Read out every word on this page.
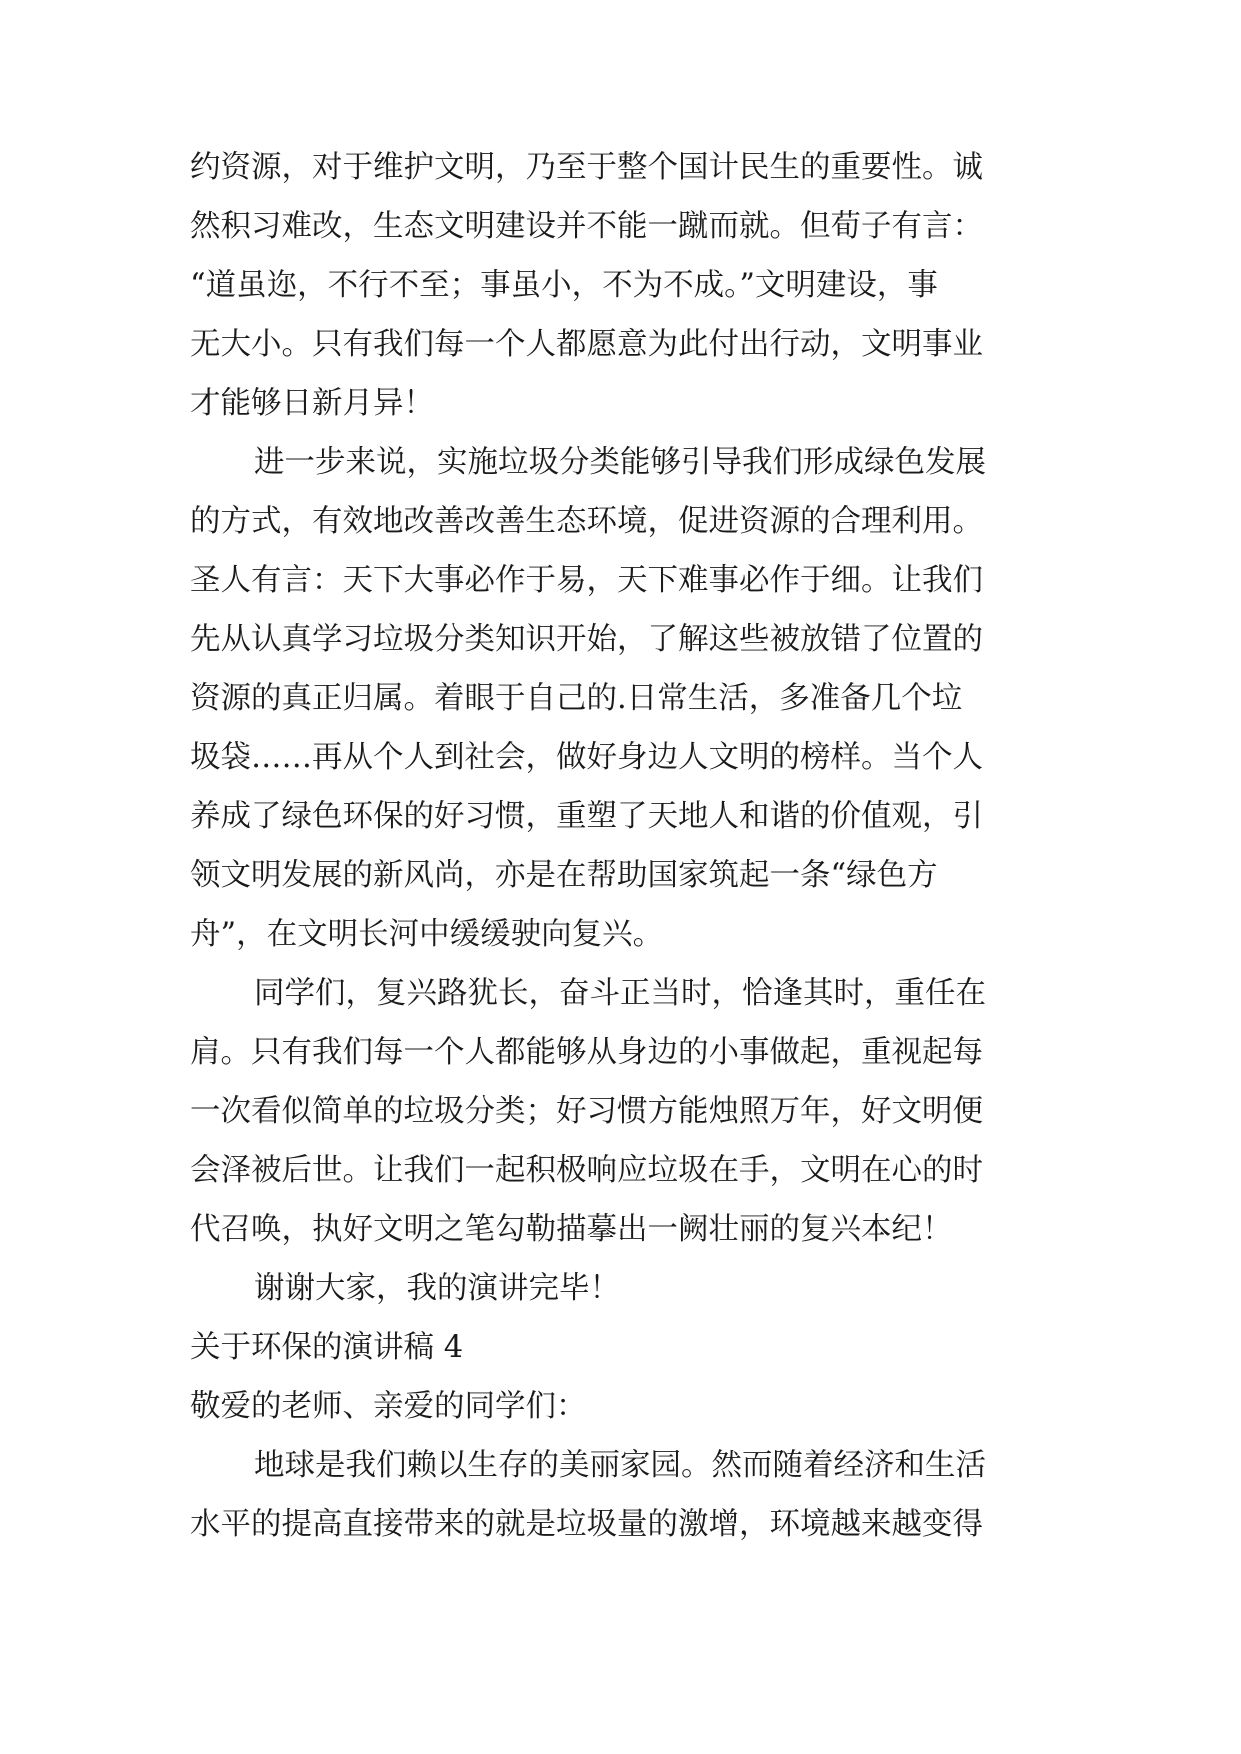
约资源，对于维护文明，乃至于整个国计民生的重要性。诚

然积习难改，生态文明建设并不能一蹴而就。但荀子有言：

“道虽迩，不行不至；事虽小，不为不成。”文明建设，事

无大小。只有我们每一个人都愿意为此付出行动，文明事业

才能够日新月异！

进一步来说，实施垃圾分类能够引导我们形成绿色发展

的方式，有效地改善改善生态环境，促进资源的合理利用。

圣人有言：天下大事必作于易，天下难事必作于细。让我们

先从认真学习垃圾分类知识开始，了解这些被放错了位置的

资源的真正归属。着眼于自己的.日常生活，多准备几个垃

圾袋……再从个人到社会，做好身边人文明的榜样。当个人

养成了绿色环保的好习惯，重塑了天地人和谐的价值观，引

领文明发展的新风尚，亦是在帮助国家筑起一条“绿色方

舟”，在文明长河中缓缓驶向复兴。

同学们，复兴路犹长，奋斗正当时，恰逢其时，重任在

肩。只有我们每一个人都能够从身边的小事做起，重视起每

一次看似简单的垃圾分类；好习惯方能烛照万年，好文明便

会泽被后世。让我们一起积极响应垃圾在手，文明在心的时

代召唤，执好文明之笔勾勒描摹出一阙壮丽的复兴本纪！

谢谢大家，我的演讲完毕！

关于环保的演讲稿 4

敬爱的老师、亲爱的同学们：

地球是我们赖以生存的美丽家园。然而随着经济和生活

水平的提高直接带来的就是垃圾量的激增，环境越来越变得
